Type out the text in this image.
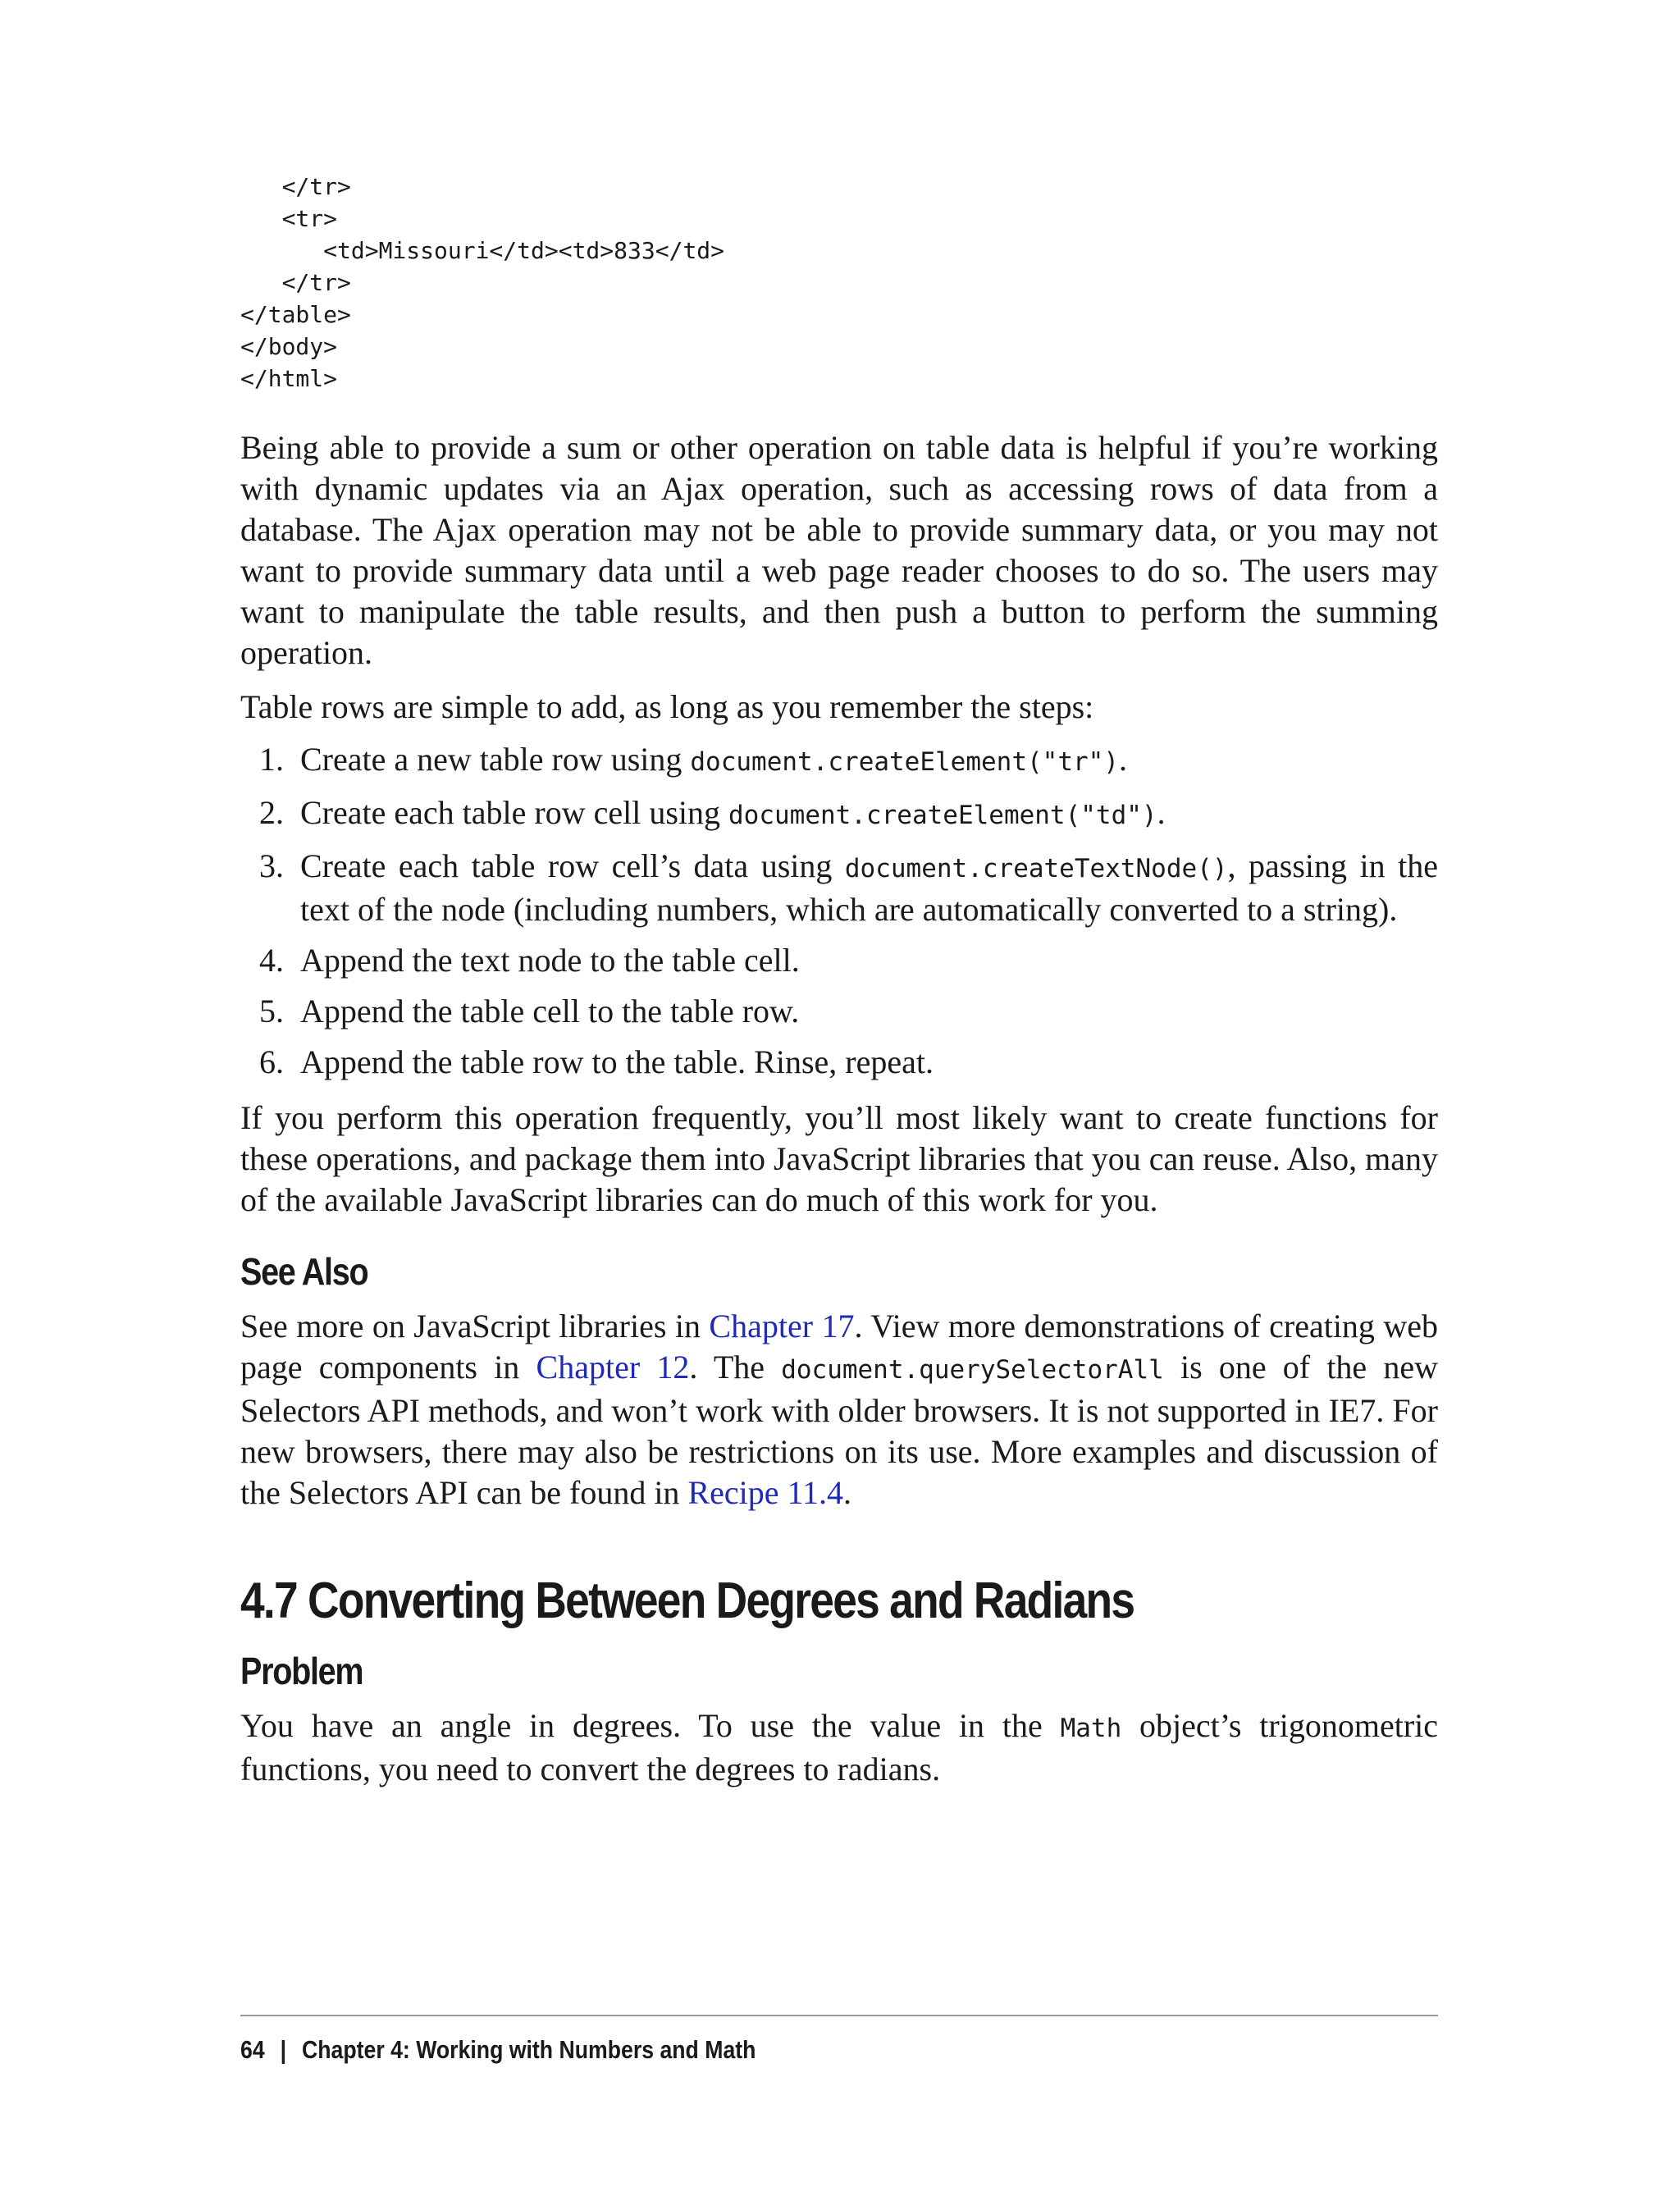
</tr>
<tr>
<td>Missouri</td><td>833</td>
</tr>
</table>
</body>
</html>

Being able to provide a sum or other operation on table data is helpful if you’re working with dynamic updates via an Ajax operation, such as accessing rows of data from a database. The Ajax operation may not be able to provide summary data, or you may not want to provide summary data until a web page reader chooses to do so. The users may want to manipulate the table results, and then push a button to perform the summing operation.

Table rows are simple to add, as long as you remember the steps:

1. Create a new table row using document.createElement("tr").
2. Create each table row cell using document.createElement("td").
3. Create each table row cell’s data using document.createTextNode(), passing in the text of the node (including numbers, which are automatically converted to a string).
4. Append the text node to the table cell.
5. Append the table cell to the table row.
6. Append the table row to the table. Rinse, repeat.

If you perform this operation frequently, you’ll most likely want to create functions for these operations, and package them into JavaScript libraries that you can reuse. Also, many of the available JavaScript libraries can do much of this work for you.

See Also

See more on JavaScript libraries in Chapter 17. View more demonstrations of creating web page components in Chapter 12. The document.querySelectorAll is one of the new Selectors API methods, and won’t work with older browsers. It is not supported in IE7. For new browsers, there may also be restrictions on its use. More examples and discussion of the Selectors API can be found in Recipe 11.4.

4.7 Converting Between Degrees and Radians
Problem

You have an angle in degrees. To use the value in the Math object’s trigonometric functions, you need to convert the degrees to radians.

64 | Chapter 4: Working with Numbers and Math
